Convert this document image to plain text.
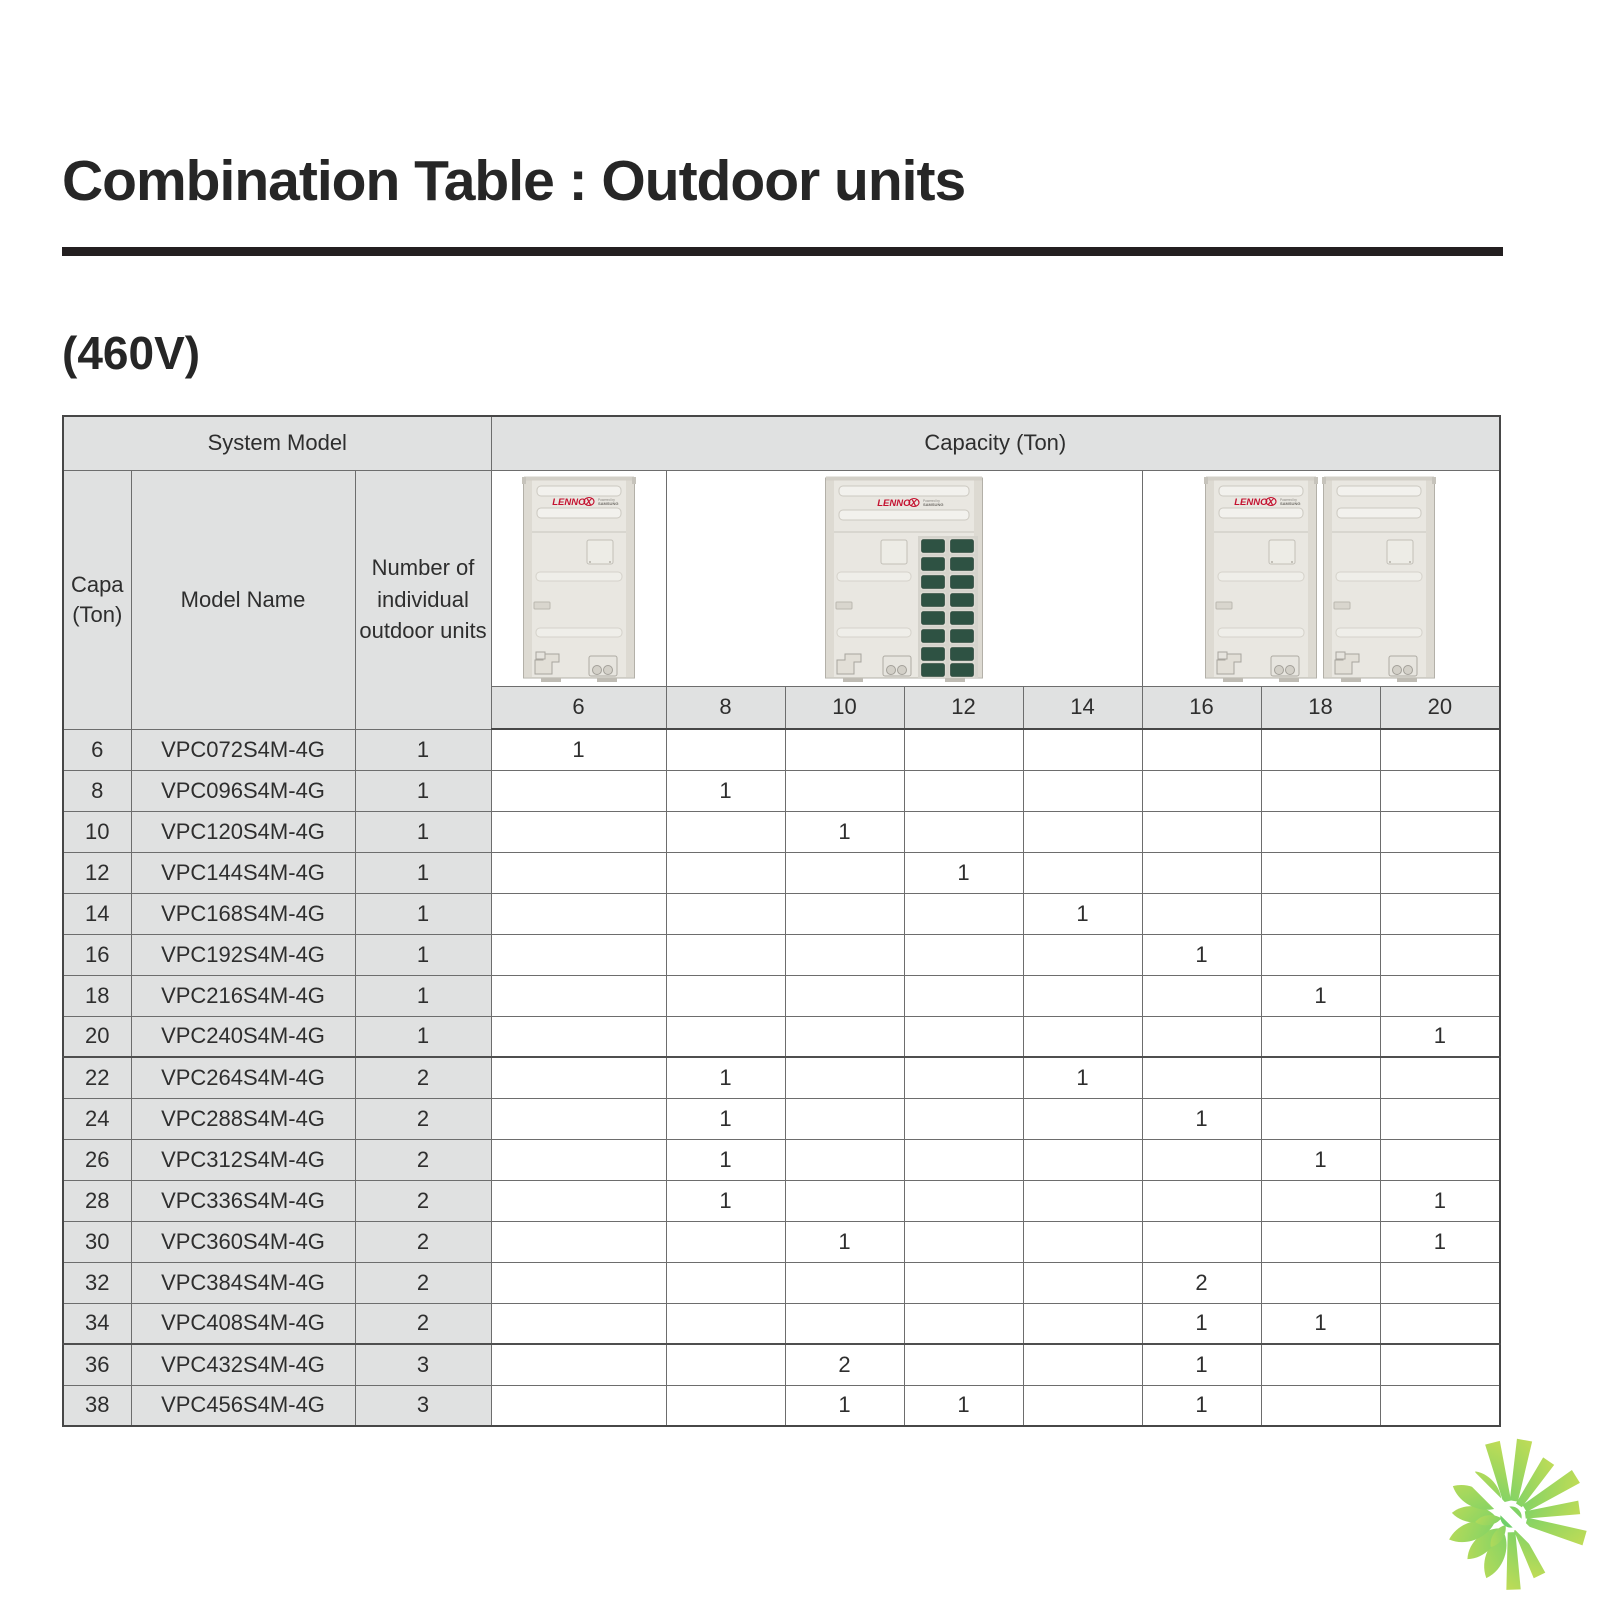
Combination Table : Outdoor units
(460V)
System Model			Capacity (Ton)							
Capa (Ton)	Model Name	Number of individual outdoor units	

			6	8	10	12	14	16	18	20
6	VPC072S4M-4G	1	1							
8	VPC096S4M-4G	1		1						
10	VPC120S4M-4G	1			1					
12	VPC144S4M-4G	1				1				
14	VPC168S4M-4G	1					1			
16	VPC192S4M-4G	1						1		
18	VPC216S4M-4G	1							1	
20	VPC240S4M-4G	1								1
22	VPC264S4M-4G	2		1			1			
24	VPC288S4M-4G	2		1				1		
26	VPC312S4M-4G	2		1					1	
28	VPC336S4M-4G	2		1						1
30	VPC360S4M-4G	2			1					1
32	VPC384S4M-4G	2						2		
34	VPC408S4M-4G	2						1	1	
36	VPC432S4M-4G	3			2			1		
38	VPC456S4M-4G	3			1	1		1		
